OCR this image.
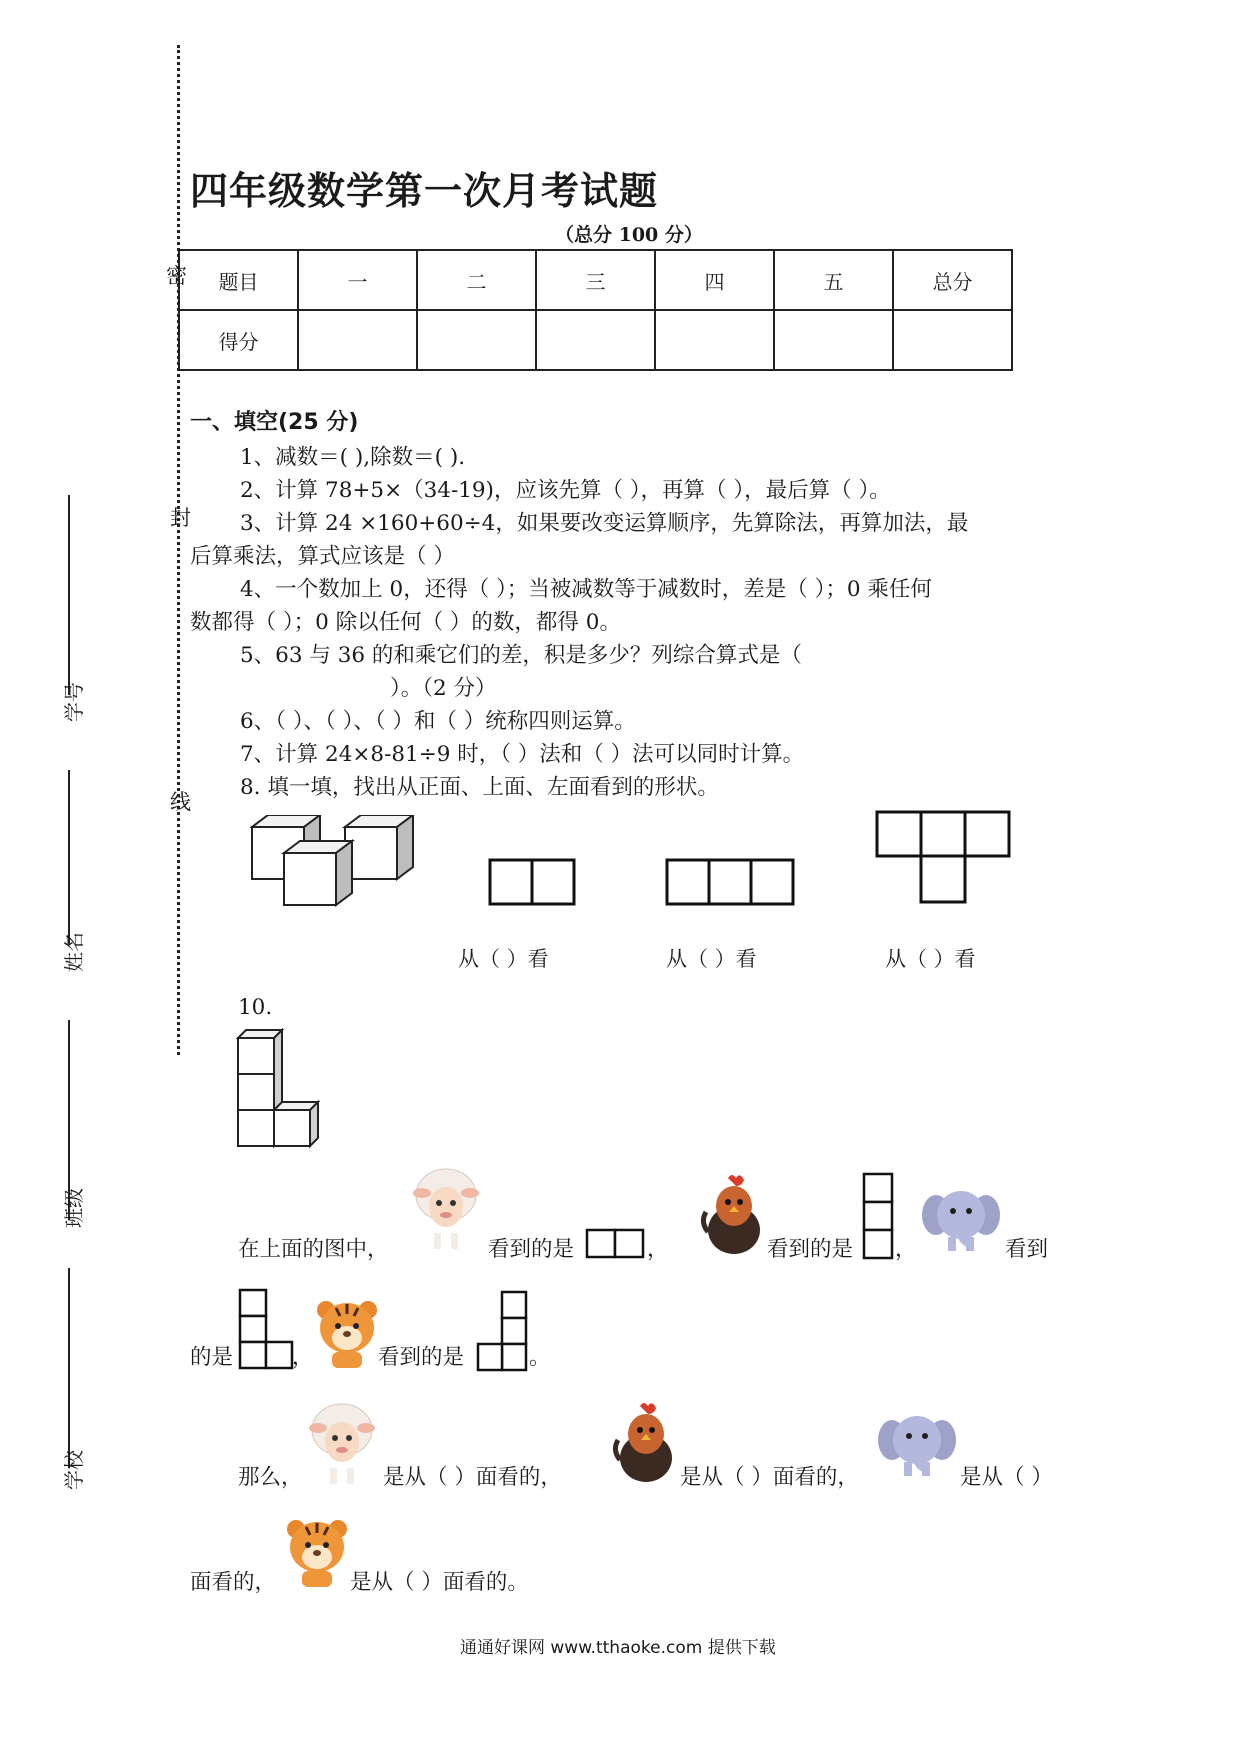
密
封
线
学号
姓名
班级
学校
四年级数学第一次月考试题
（总分 100 分）
题目	一	二	三	四	五	总分
得分						
一、填空(25 分)
1、减数＝( ),除数＝( ).
2、计算 78+5×（34-19)，应该先算（ ），再算（ ），最后算（ ）。
3、计算 24 ×160+60÷4，如果要改变运算顺序，先算除法，再算加法，最
后算乘法，算式应该是（ ）
4、一个数加上 0，还得（ ）；当被减数等于减数时，差是（ ）；0 乘任何
数都得（ ）；0 除以任何（ ）的数，都得 0。
5、63 与 36 的和乘它们的差，积是多少？列综合算式是（
）。（2 分）
6、（ ）、（ ）、（ ）和（ ）统称四则运算。
7、计算 24×8-81÷9 时，（ ）法和（ ）法可以同时计算。
8. 填一填，找出从正面、上面、左面看到的形状。
从（ ）看	从（ ）看	从（ ）看
10.
在上面的图中，	看到的是	，	看到的是 ，	看到
的是	，	看到的是	。
那么，	是从（ ）面看的，	是从（ ）面看的，	是从（ ）
面看的，	是从（ ）面看的。
通通好课网 www.tthaoke.com 提供下载
